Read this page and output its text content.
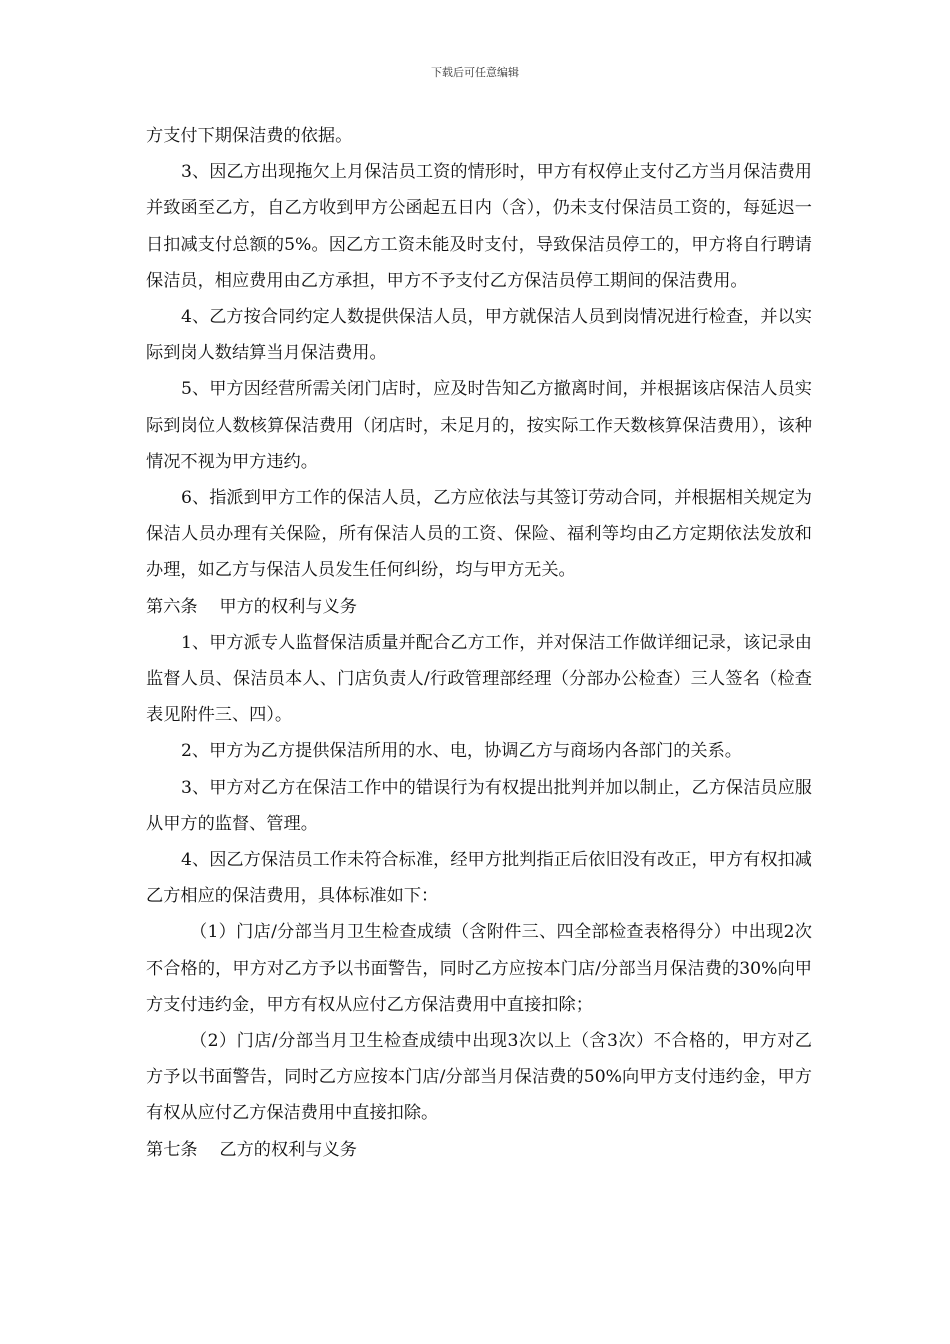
下载后可任意编辑

方支付下期保洁费的依据。

3、因乙方出现拖欠上月保洁员工资的情形时，甲方有权停止支付乙方当月保洁费用并致函至乙方，自乙方收到甲方公函起五日内（含），仍未支付保洁员工资的，每延迟一日扣减支付总额的5%。因乙方工资未能及时支付，导致保洁员停工的，甲方将自行聘请保洁员，相应费用由乙方承担，甲方不予支付乙方保洁员停工期间的保洁费用。

4、乙方按合同约定人数提供保洁人员，甲方就保洁人员到岗情况进行检查，并以实际到岗人数结算当月保洁费用。

5、甲方因经营所需关闭门店时，应及时告知乙方撤离时间，并根据该店保洁人员实际到岗位人数核算保洁费用（闭店时，未足月的，按实际工作天数核算保洁费用），该种情况不视为甲方违约。

6、指派到甲方工作的保洁人员，乙方应依法与其签订劳动合同，并根据相关规定为保洁人员办理有关保险，所有保洁人员的工资、保险、福利等均由乙方定期依法发放和办理，如乙方与保洁人员发生任何纠纷，均与甲方无关。

第六条    甲方的权利与义务

1、甲方派专人监督保洁质量并配合乙方工作，并对保洁工作做详细记录，该记录由监督人员、保洁员本人、门店负责人/行政管理部经理（分部办公检查）三人签名（检查表见附件三、四）。

2、甲方为乙方提供保洁所用的水、电，协调乙方与商场内各部门的关系。

3、甲方对乙方在保洁工作中的错误行为有权提出批判并加以制止，乙方保洁员应服从甲方的监督、管理。

4、因乙方保洁员工作未符合标准，经甲方批判指正后依旧没有改正，甲方有权扣减乙方相应的保洁费用，具体标准如下：

（1）门店/分部当月卫生检查成绩（含附件三、四全部检查表格得分）中出现2次不合格的，甲方对乙方予以书面警告，同时乙方应按本门店/分部当月保洁费的30%向甲方支付违约金，甲方有权从应付乙方保洁费用中直接扣除；

（2）门店/分部当月卫生检查成绩中出现3次以上（含3次）不合格的，甲方对乙方予以书面警告，同时乙方应按本门店/分部当月保洁费的50%向甲方支付违约金，甲方有权从应付乙方保洁费用中直接扣除。

第七条    乙方的权利与义务
